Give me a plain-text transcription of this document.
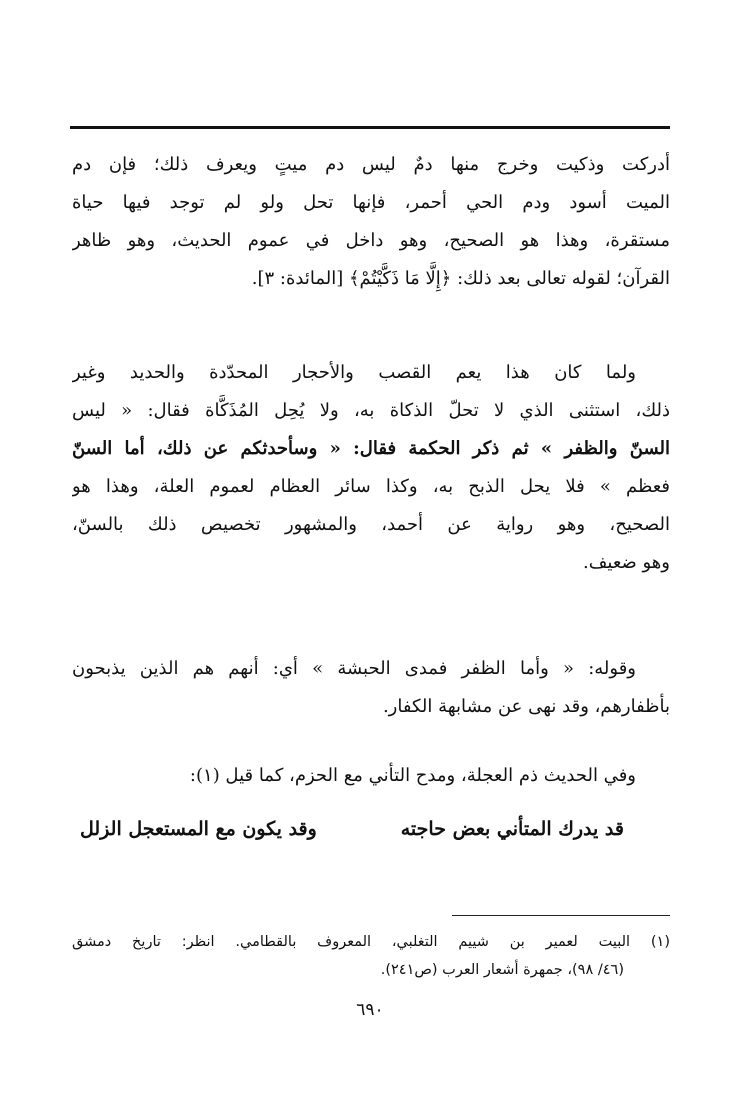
أدركت وذكيت وخرج منها دمٌ ليس دم ميتٍ ويعرف ذلك؛ فإن دم
الميت أسود ودم الحي أحمر، فإنها تحل ولو لم توجد فيها حياة
مستقرة، وهذا هو الصحيح، وهو داخل في عموم الحديث، وهو ظاهر
القرآن؛ لقوله تعالى بعد ذلك: ﴿إِلَّا مَا ذَكَّيْتُمْ﴾ [المائدة: ٣].
ولما كان هذا يعم القصب والأحجار المحدّدة والحديد وغير
ذلك، استثنى الذي لا تحلّ الذكاة به، ولا يُحِل المُذَكَّاة فقال: « ليس
السنّ والظفر » ثم ذكر الحكمة فقال: « وسأحدثكم عن ذلك، أما السنّ
فعظم » فلا يحل الذبح به، وكذا سائر العظام لعموم العلة، وهذا هو
الصحيح، وهو رواية عن أحمد، والمشهور تخصيص ذلك بالسنّ،
وهو ضعيف.
وقوله: « وأما الظفر فمدى الحبشة » أي: أنهم هم الذين يذبحون
بأظفارهم، وقد نهى عن مشابهة الكفار.
وفي الحديث ذم العجلة، ومدح التأني مع الحزم، كما قيل (١):
قد يدرك المتأني بعض حاجته
وقد يكون مع المستعجل الزلل
(١) البيت لعمير بن شييم التغلبي، المعروف بالقطامي. انظر: تاريخ دمشق
(٤٦/ ٩٨)، جمهرة أشعار العرب (ص٢٤١).
٦٩٠
